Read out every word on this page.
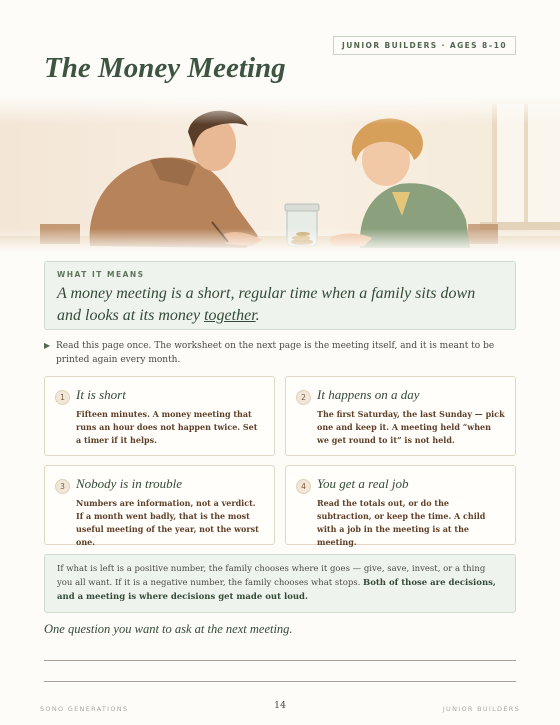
JUNIOR BUILDERS · AGES 8–10
The Money Meeting
WHAT IT MEANS
A money meeting is a short, regular time when a family sits down and looks at its money together.
▶ Read this page once. The worksheet on the next page is the meeting itself, and it is meant to be printed again every month.
1 It is short
Fifteen minutes. A money meeting that runs an hour does not happen twice. Set a timer if it helps.
2 It happens on a day
The first Saturday, the last Sunday — pick one and keep it. A meeting held “when we get round to it” is not held.
3 Nobody is in trouble
Numbers are information, not a verdict. If a month went badly, that is the most useful meeting of the year, not the worst one.
4 You get a real job
Read the totals out, or do the subtraction, or keep the time. A child with a job in the meeting is at the meeting.
If what is left is a positive number, the family chooses where it goes — give, save, invest, or a thing you all want. If it is a negative number, the family chooses what stops. Both of those are decisions, and a meeting is where decisions get made out loud.
One question you want to ask at the next meeting.
SONO GENERATIONS	14	JUNIOR BUILDERS
